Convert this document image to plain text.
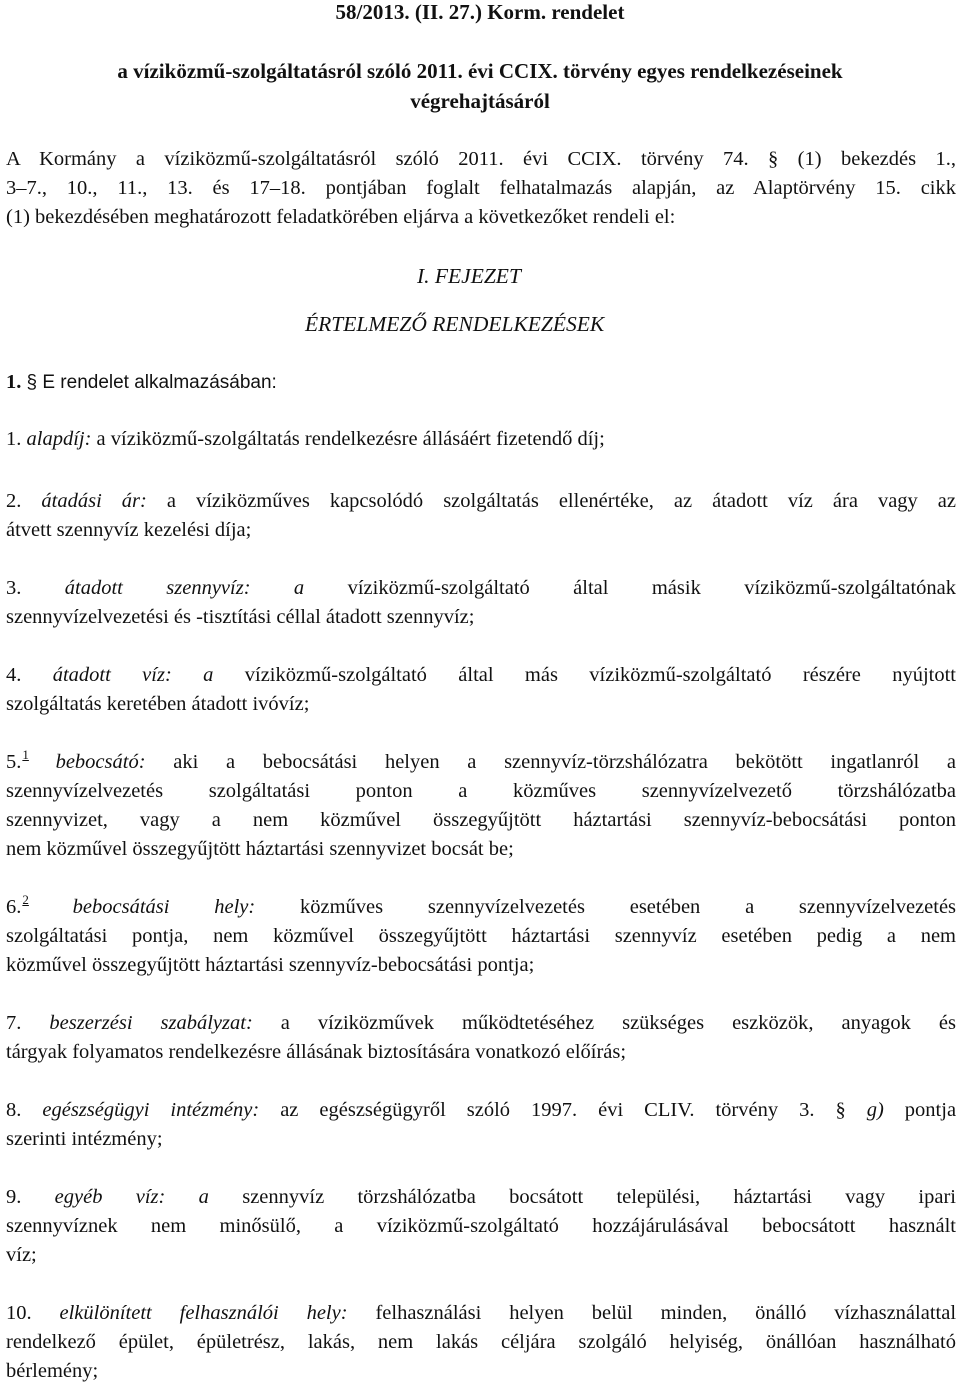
58/2013. (II. 27.) Korm. rendelet
a víziközmű-szolgáltatásról szóló 2011. évi CCIX. törvény egyes rendelkezéseinek
végrehajtásáról
A Kormány a víziközmű-szolgáltatásról szóló 2011. évi CCIX. törvény 74. § (1) bekezdés 1.,
3–7., 10., 11., 13. és 17–18. pontjában foglalt felhatalmazás alapján, az Alaptörvény 15. cikk
(1) bekezdésében meghatározott feladatkörében eljárva a következőket rendeli el:
I. FEJEZET
ÉRTELMEZŐ RENDELKEZÉSEK
1. § E rendelet alkalmazásában:
1. alapdíj: a víziközmű-szolgáltatás rendelkezésre állásáért fizetendő díj;
2. átadási ár: a víziközműves kapcsolódó szolgáltatás ellenértéke, az átadott víz ára vagy az
átvett szennyvíz kezelési díja;
3. átadott szennyvíz: a víziközmű-szolgáltató által másik víziközmű-szolgáltatónak
szennyvízelvezetési és -tisztítási céllal átadott szennyvíz;
4. átadott víz: a víziközmű-szolgáltató által más víziközmű-szolgáltató részére nyújtott
szolgáltatás keretében átadott ivóvíz;
5.$^1$ bebocsátó: aki a bebocsátási helyen a szennyvíz-törzshálózatra bekötött ingatlanról a
szennyvízelvezetés szolgáltatási ponton a közműves szennyvízelvezető törzshálózatba
szennyvizet, vagy a nem közművel összegyűjtött háztartási szennyvíz-bebocsátási ponton
nem közművel összegyűjtött háztartási szennyvizet bocsát be;
6.$^2$ bebocsátási hely: közműves szennyvízelvezetés esetében a szennyvízelvezetés
szolgáltatási pontja, nem közművel összegyűjtött háztartási szennyvíz esetében pedig a nem
közművel összegyűjtött háztartási szennyvíz-bebocsátási pontja;
7. beszerzési szabályzat: a víziközművek működtetéséhez szükséges eszközök, anyagok és
tárgyak folyamatos rendelkezésre állásának biztosítására vonatkozó előírás;
8. egészségügyi intézmény: az egészségügyről szóló 1997. évi CLIV. törvény 3. § g) pontja
szerinti intézmény;
9. egyéb víz: a szennyvíz törzshálózatba bocsátott települési, háztartási vagy ipari
szennyvíznek nem minősülő, a víziközmű-szolgáltató hozzájárulásával bebocsátott használt
víz;
10. elkülönített felhasználói hely: felhasználási helyen belül minden, önálló vízhasználattal
rendelkező épület, épületrész, lakás, nem lakás céljára szolgáló helyiség, önállóan használható
bérlemény;
